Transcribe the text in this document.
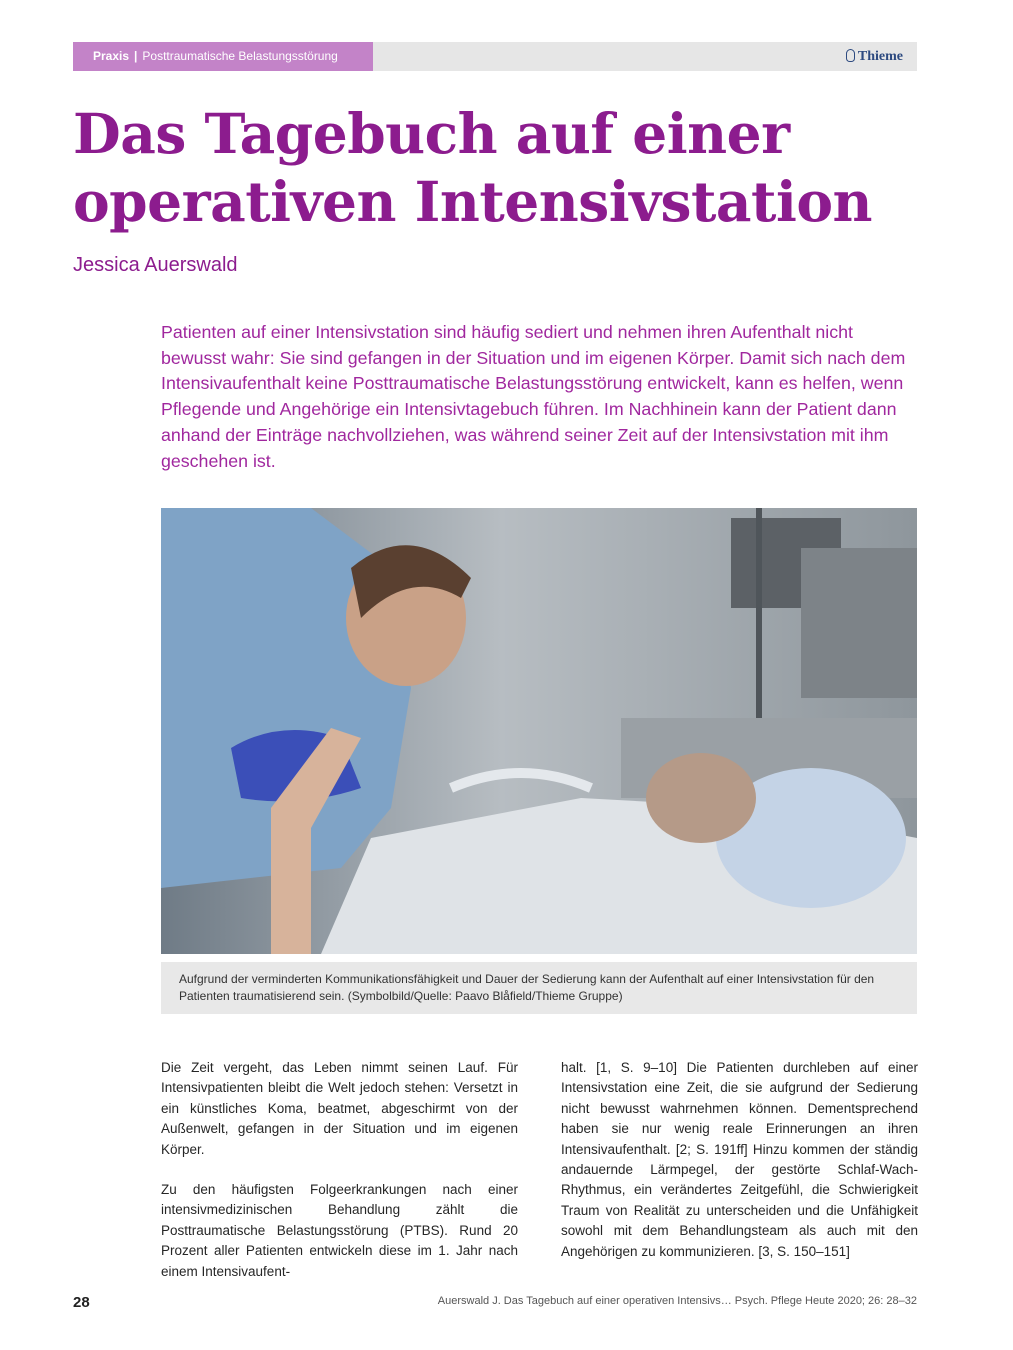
Praxis | Posttraumatische Belastungsstörung	Thieme
Das Tagebuch auf einer operativen Intensivstation
Jessica Auerswald

Patienten auf einer Intensivstation sind häufig sediert und nehmen ihren Aufenthalt nicht bewusst wahr: Sie sind gefangen in der Situation und im eigenen Körper. Damit sich nach dem Intensivaufenthalt keine Posttraumatische Belastungsstörung entwickelt, kann es helfen, wenn Pflegende und Angehörige ein Intensivtagebuch führen. Im Nachhinein kann der Patient dann anhand der Einträge nachvollziehen, was während seiner Zeit auf der Intensivstation mit ihm geschehen ist.

Aufgrund der verminderten Kommunikationsfähigkeit und Dauer der Sedierung kann der Aufenthalt auf einer Intensivstation für den Patienten traumatisierend sein. (Symbolbild/Quelle: Paavo Blåfield/Thieme Gruppe)

Die Zeit vergeht, das Leben nimmt seinen Lauf. Für Intensivpatienten bleibt die Welt jedoch stehen: Versetzt in ein künstliches Koma, beatmet, abgeschirmt von der Außenwelt, gefangen in der Situation und im eigenen Körper.

Zu den häufigsten Folgeerkrankungen nach einer intensivmedizinischen Behandlung zählt die Posttraumatische Belastungsstörung (PTBS). Rund 20 Prozent aller Patienten entwickeln diese im 1. Jahr nach einem Intensivaufent-

halt. [1, S. 9–10] Die Patienten durchleben auf einer Intensivstation eine Zeit, die sie aufgrund der Sedierung nicht bewusst wahrnehmen können. Dementsprechend haben sie nur wenig reale Erinnerungen an ihren Intensivaufenthalt. [2; S. 191ff] Hinzu kommen der ständig andauernde Lärmpegel, der gestörte Schlaf-Wach-Rhythmus, ein verändertes Zeitgefühl, die Schwierigkeit Traum von Realität zu unterscheiden und die Unfähigkeit sowohl mit dem Behandlungsteam als auch mit den Angehörigen zu kommunizieren. [3, S. 150–151]

28	Auerswald J. Das Tagebuch auf einer operativen Intensivs… Psych. Pflege Heute 2020; 26: 28–32
